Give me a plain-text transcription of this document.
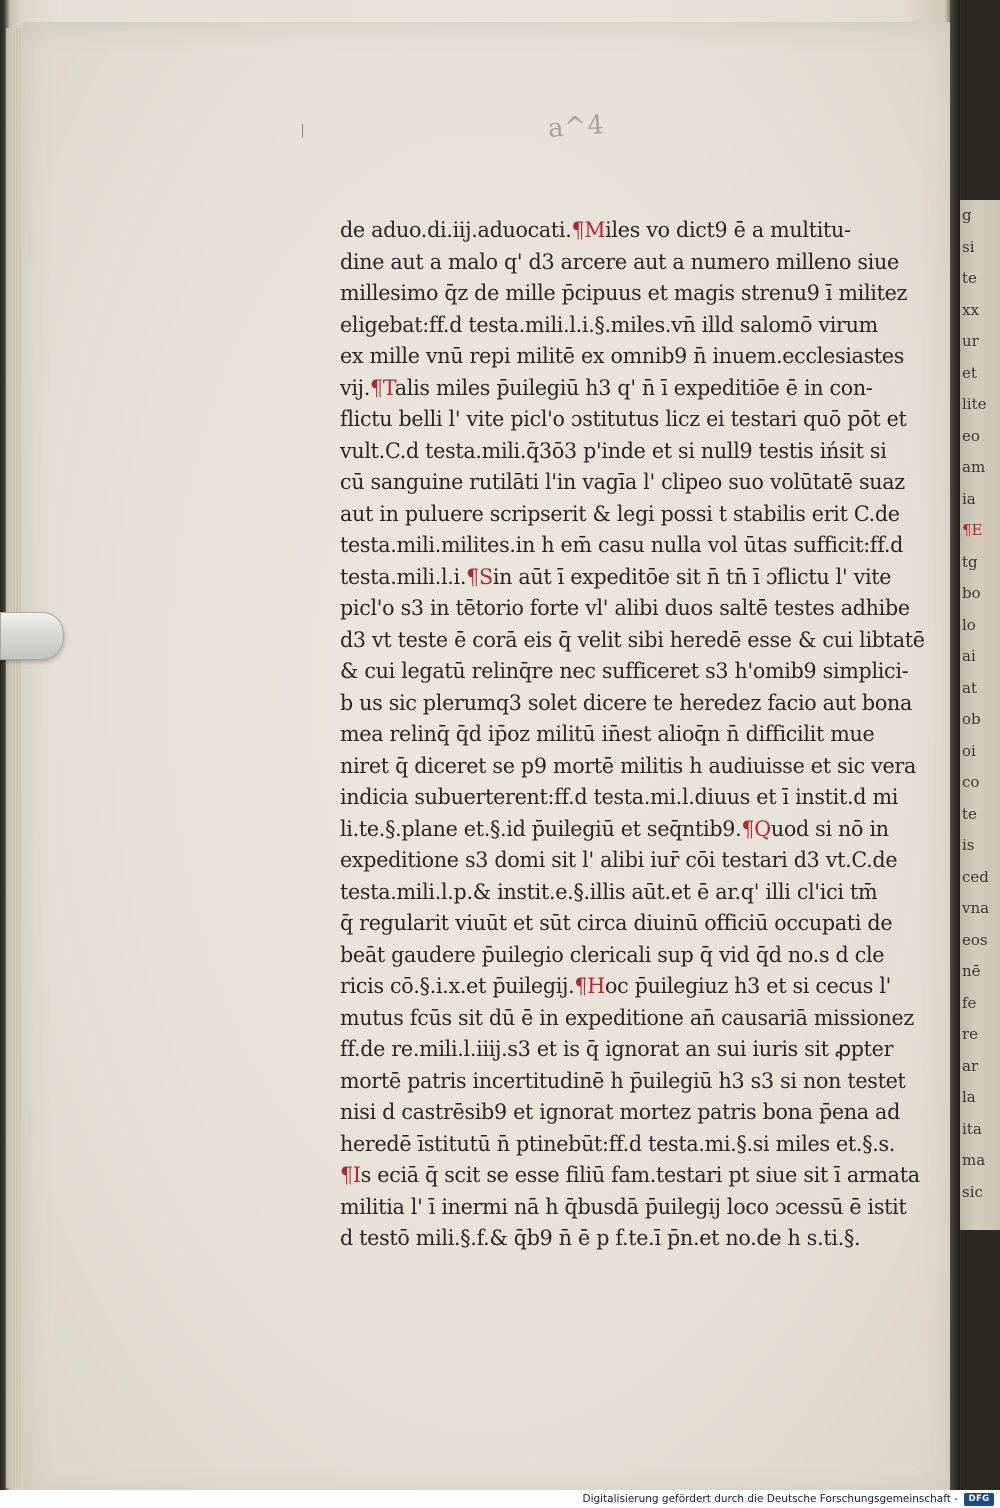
a^4
de aduo.di.iij.aduocati.¶Miles vo dict9 ē a multitu-
dine aut a malo q' d3 arcere aut a numero milleno siue
millesimo q̄z de mille p̄cipuus et magis strenu9 ī militez
eligebat:ff.d testa.mili.l.i.§.miles.vn̄ illd salomō virum
ex mille vnū repi militē ex omnib9 n̄ inuem.ecclesiastes
vij.¶Talis miles p̄uilegiū h3 q' n̄ ī expeditiōe ē in con-
flictu belli l' vite picl'o ɔstitutus licz ei testari quō pōt et
vult.C.d testa.mili.q̄3ō3 p'inde et si null9 testis ińsit si
cū sanguine rutilāti l'in vagīa l' clipeo suo volūtatē suaz
aut in puluere scripserit & legi possi t stabilis erit C.de
testa.mili.milites.in h em̄ casu nulla vol ūtas sufficit:ff.d
testa.mili.l.i.¶Sin aūt ī expeditōe sit n̄ tn̄ ī ɔflictu l' vite
picl'o s3 in tētorio forte vl' alibi duos saltē testes adhibe
d3 vt teste ē corā eis q̄ velit sibi heredē esse & cui libtatē
& cui legatū relinq̄re nec sufficeret s3 h'omib9 simplici-
b us sic plerumq3 solet dicere te heredez facio aut bona
mea relinq̄ q̄d ip̄oz militū in̄est alioq̄n n̄ difficilit mue
niret q̄ diceret se p9 mortē militis h audiuisse et sic vera
indicia subuerterent:ff.d testa.mi.l.diuus et ī instit.d mi
li.te.§.plane et.§.id p̄uilegiū et seq̄ntib9.¶Quod si nō in
expeditione s3 domi sit l' alibi iur̄ cōi testari d3 vt.C.de
testa.mili.l.p.& instit.e.§.illis aūt.et ē ar.q' illi cl'ici tm̄
q̄ regularit viuūt et sūt circa diuinū officiū occupati de
beāt gaudere p̄uilegio clericali sup q̄ vid q̄d no.s d cle
ricis cō.§.i.x.et p̄uilegij.¶Hoc p̄uilegiuz h3 et si cecus l'
mutus fcūs sit dū ē in expeditione an̄ causariā missionez
ff.de re.mili.l.iiij.s3 et is q̄ ignorat an sui iuris sit ꝓpter
mortē patris incertitudinē h p̄uilegiū h3 s3 si non testet
nisi d castrēsib9 et ignorat mortez patris bona p̄ena ad
heredē īstitutū n̄ ptinebūt:ff.d testa.mi.§.si miles et.§.s.
¶Is eciā q̄ scit se esse filiū fam.testari pt siue sit ī armata
militia l' ī inermi nā h q̄busdā p̄uilegij loco ɔcessū ē istit
d testō mili.§.f.& q̄b9 n̄ ē p f.te.ī p̄n.et no.de h s.ti.§.
g
si
te
xx
ur
et
lite
eo
am
ia
¶E
tg
bo
lo
ai
at
ob
oi
co
te
is
ced
vna
eos
nē
fe
re
ar
la
ita
ma
sic
Digitalisierung gefördert durch die Deutsche Forschungsgemeinschaft -	DFG
